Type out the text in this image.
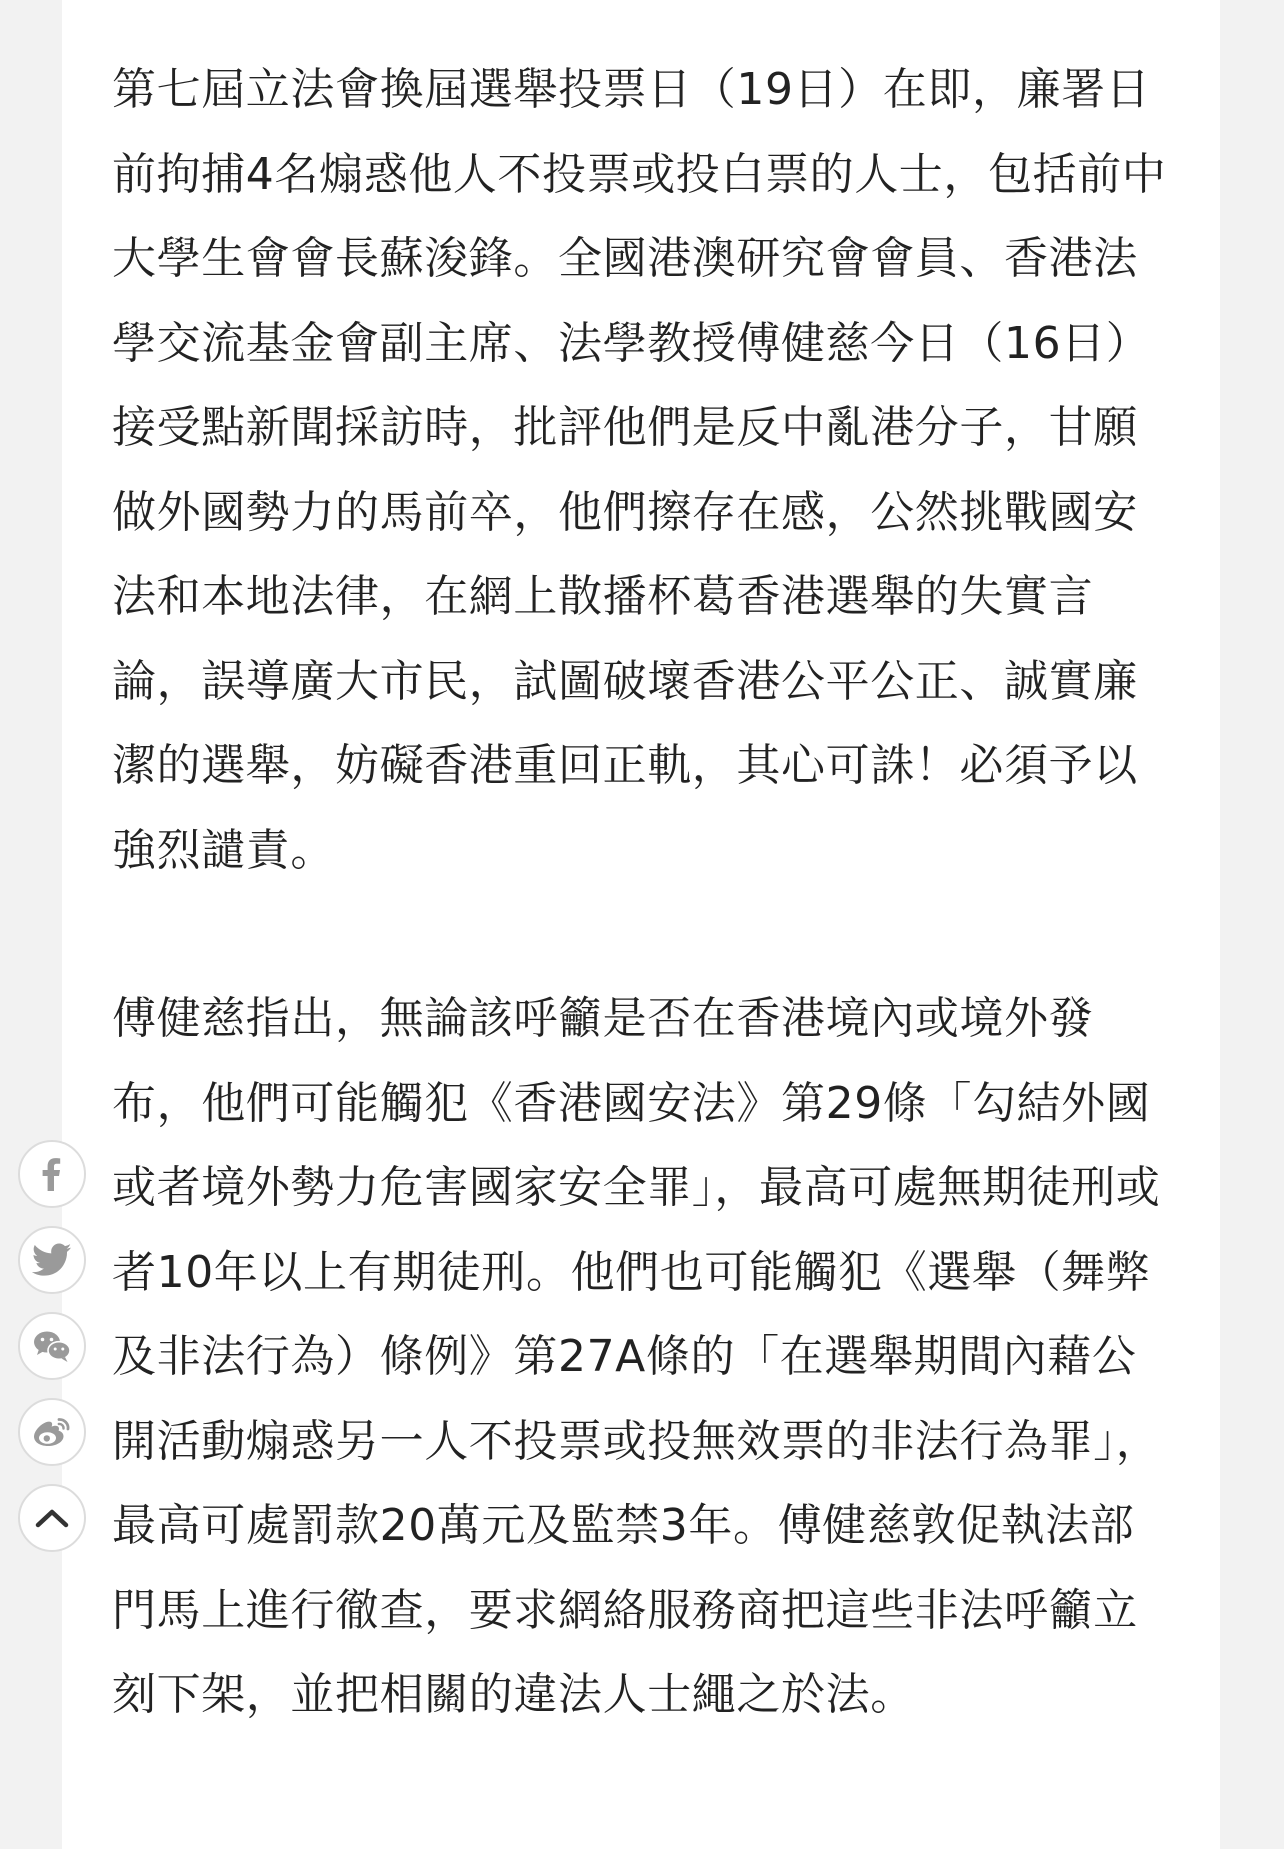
第七屆立法會換屆選舉投票日（19日）在即，廉署日前拘捕4名煽惑他人不投票或投白票的人士，包括前中大學生會會長蘇浚鋒。全國港澳研究會會員、香港法學交流基金會副主席、法學教授傅健慈今日（16日）接受點新聞採訪時，批評他們是反中亂港分子，甘願做外國勢力的馬前卒，他們擦存在感，公然挑戰國安法和本地法律，在網上散播杯葛香港選舉的失實言論，誤導廣大市民，試圖破壞香港公平公正、誠實廉潔的選舉，妨礙香港重回正軌，其心可誅！必須予以強烈譴責。

傅健慈指出，無論該呼籲是否在香港境內或境外發布，他們可能觸犯《香港國安法》第29條「勾結外國或者境外勢力危害國家安全罪」，最高可處無期徒刑或者10年以上有期徒刑。他們也可能觸犯《選舉（舞弊及非法行為）條例》第27A條的「在選舉期間內藉公開活動煽惑另一人不投票或投無效票的非法行為罪」，最高可處罰款20萬元及監禁3年。傅健慈敦促執法部門馬上進行徹查，要求網絡服務商把這些非法呼籲立刻下架，並把相關的違法人士繩之於法。
